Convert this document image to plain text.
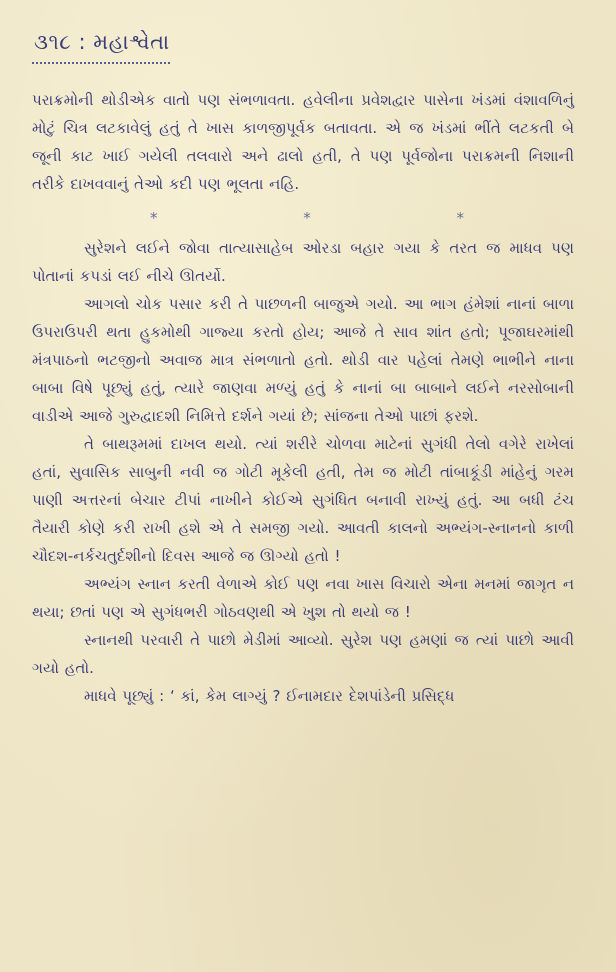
૩૧૮ : મહાશ્વેતા

પરાક્રમોની થોડીએક વાતો પણ સંભળાવતા. હવેલીના પ્રવેશદ્વાર પાસેના ખંડમાં વંશાવળિનું મોટું ચિત્ર લટકાવેલું હતું તે ખાસ કાળજીપૂર્વક બતાવતા. એ જ ખંડમાં ભીંતે લટકતી બે જૂની કાટ ખાઈ ગયેલી તલવારો અને ઢાલો હતી, તે પણ પૂર્વજોના પરાક્રમની નિશાની તરીકે દાખવવાનું તેઓ કદી પણ ભૂલતા નહિ.

*	*	*

સુરેશને લઈને જોવા તાત્યાસાહેબ ઓરડા બહાર ગયા કે તરત જ માધવ પણ પોતાનાં કપડાં લઈ નીચે ઊતર્યો.

આગલો ચોક પસાર કરી તે પાછળની બાજુએ ગયો. આ ભાગ હંમેશાં નાનાં બાળા ઉપરાઉપરી થતા હુકમોથી ગાજ્યા કરતો હોય; આજે તે સાવ શાંત હતો; પૂજાઘરમાંથી મંત્રપાઠનો ભટજીનો અવાજ માત્ર સંભળાતો હતો. થોડી વાર પહેલાં તેમણે ભાભીને નાના બાબા વિષે પૂછ્યું હતું, ત્યારે જાણવા મળ્યું હતું કે નાનાં બા બાબાને લઈને નરસોબાની વાડીએ આજે ગુરુદ્વાદશી નિમિત્તે દર્શને ગયાં છે; સાંજના તેઓ પાછાં ફરશે.

તે બાથરૂમમાં દાખલ થયો. ત્યાં શરીરે ચોળવા માટેનાં સુગંધી તેલો વગેરે રાખેલાં હતાં, સુવાસિક સાબુની નવી જ ગોટી મૂકેલી હતી, તેમ જ મોટી તાંબાકૂંડી માંહેનું ગરમ પાણી અત્તરનાં બેચાર ટીપાં નાખીને કોઈએ સુગંધિત બનાવી રાખ્યું હતું. આ બધી ટંચ તૈયારી કોણે કરી રાખી હશે એ તે સમજી ગયો. આવતી કાલનો અભ્યંગ-સ્નાનનો કાળી ચૌદશ-નર્કચતુર્દશીનો દિવસ આજે જ ઊગ્યો હતો !

અભ્યંગ સ્નાન કરતી વેળાએ કોઈ પણ નવા ખાસ વિચારો એના મનમાં જાગૃત ન થયા; છતાં પણ એ સુગંધભરી ગોઠવણથી એ ખુશ તો થયો જ !

સ્નાનથી પરવારી તે પાછો મેડીમાં આવ્યો. સુરેશ પણ હમણાં જ ત્યાં પાછો આવી ગયો હતો.

માધવે પૂછ્યું : ‘ કાં, કેમ લાગ્યું ? ઈનામદાર દેશપાંડેની પ્રસિદ્ધ
